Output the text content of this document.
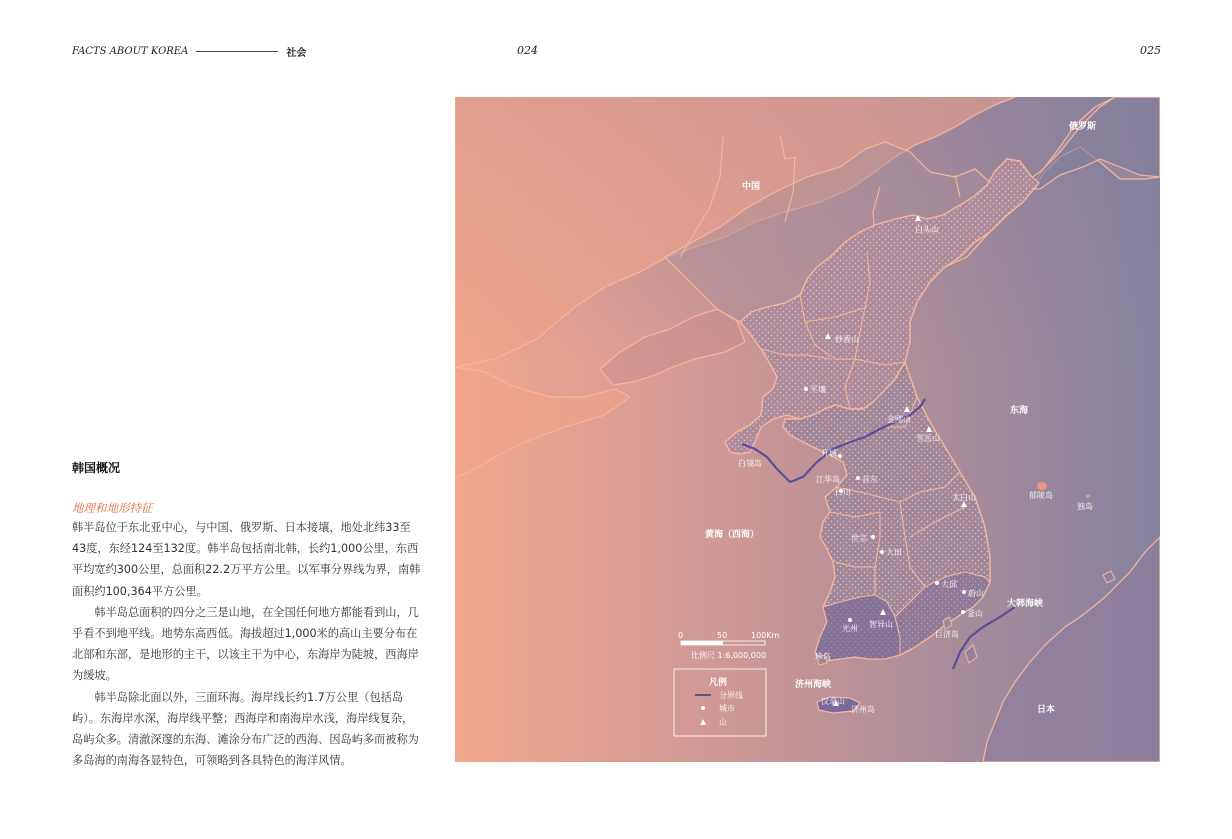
FACTS ABOUT KOREA	社会	024	025
韩国概况
地理和地形特征

韩半岛位于东北亚中心，与中国、俄罗斯、日本接壤，地处北纬33至43度，东经124至132度。韩半岛包括南北韩，长约1,000公里，东西平均宽约300公里，总面积22.2万平方公里。以军事分界线为界，南韩面积约100,364平方公里。

韩半岛总面积的四分之三是山地，在全国任何地方都能看到山，几乎看不到地平线。地势东高西低。海拔超过1,000米的高山主要分布在北部和东部，是地形的主干，以该主干为中心，东海岸为陡坡，西海岸为缓坡。

韩半岛除北面以外，三面环海。海岸线长约1.7万公里（包括岛屿）。东海岸水深，海岸线平整；西海岸和南海岸水浅，海岸线复杂，岛屿众多。清澈深邃的东海、滩涂分布广泛的西海、因岛屿多而被称为多岛海的南海各显特色，可领略到各具特色的海洋风情。

中国
俄罗斯
日本
东海
黄海（西海）
大韩海峡
济州海峡
白头山
妙香山
金刚山
雪岳山
太白山
智异山
汉拿山
平壤
开城
首尔
仁川
世宗
大田
大邱
蔚山
釜山
光州
江华岛
白翎岛
郁陵岛
独岛
巨济岛
珍岛
济州岛
0	50	100Km
比例尺 1:6,000,000
凡例
分界线
城市
山
